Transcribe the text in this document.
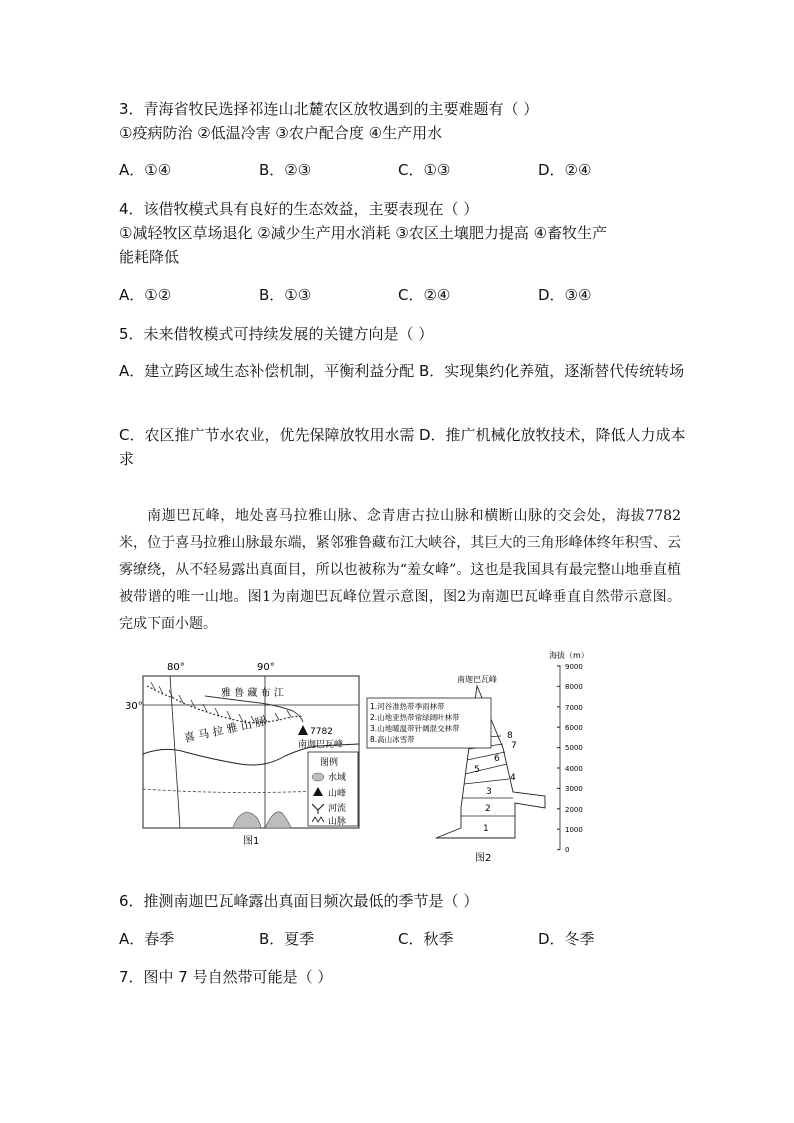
3．青海省牧民选择祁连山北麓农区放牧遇到的主要难题有（ ）
①疫病防治 ②低温冷害 ③农户配合度 ④生产用水
A．①④	B．②③	C．①③	D．②④
4．该借牧模式具有良好的生态效益，主要表现在（ ）
①减轻牧区草场退化 ②减少生产用水消耗 ③农区土壤肥力提高 ④畜牧生产
能耗降低
A．①②	B．①③	C．②④	D．③④
5．未来借牧模式可持续发展的关键方向是（ ）
A．建立跨区域生态补偿机制，平衡利益分配 B．实现集约化养殖，逐渐替代传统转场
C．农区推广节水农业，优先保障放牧用水需求
D．推广机械化放牧技术，降低人力成本
南迦巴瓦峰，地处喜马拉雅山脉、念青唐古拉山脉和横断山脉的交会处，海拔7782米，位于喜马拉雅山脉最东端，紧邻雅鲁藏布江大峡谷，其巨大的三角形峰体终年积雪、云雾缭绕，从不轻易露出真面目，所以也被称为“羞女峰”。这也是我国具有最完整山地垂直植被带谱的唯一山地。图1为南迦巴瓦峰位置示意图，图2为南迦巴瓦峰垂直自然带示意图。完成下面小题。
80°	90°
30°
雅 鲁 藏 布 江
喜 马 拉 雅 山 脉	7782
南迦巴瓦峰
图例
水域
山峰
河流
山脉
图1
海拔（m）
南迦巴瓦峰
9000
8000
7000
6000
5000
4000
3000
2000
1000
0
1
2
3
4
5
6
7
8
1.河谷准热带季雨林带
2.山地亚热带常绿阔叶林带
3.山地暖温带针阔混交林带
8.高山冰雪带
图2
6．推测南迦巴瓦峰露出真面目频次最低的季节是（ ）
A．春季	B．夏季	C．秋季	D．冬季
7．图中 7 号自然带可能是（ ）
